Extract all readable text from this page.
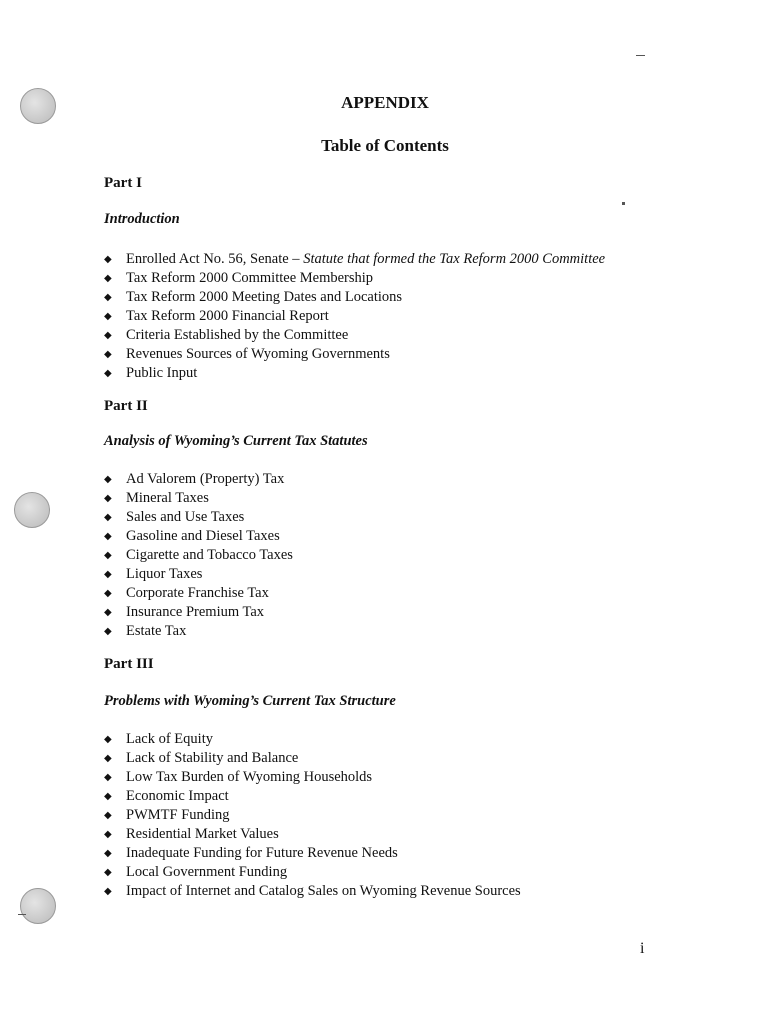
APPENDIX
Table of Contents

Part I

Introduction

◆ Enrolled Act No. 56, Senate – Statute that formed the Tax Reform 2000 Committee
◆ Tax Reform 2000 Committee Membership
◆ Tax Reform 2000 Meeting Dates and Locations
◆ Tax Reform 2000 Financial Report
◆ Criteria Established by the Committee
◆ Revenues Sources of Wyoming Governments
◆ Public Input

Part II

Analysis of Wyoming’s Current Tax Statutes

◆ Ad Valorem (Property) Tax
◆ Mineral Taxes
◆ Sales and Use Taxes
◆ Gasoline and Diesel Taxes
◆ Cigarette and Tobacco Taxes
◆ Liquor Taxes
◆ Corporate Franchise Tax
◆ Insurance Premium Tax
◆ Estate Tax

Part III

Problems with Wyoming’s Current Tax Structure

◆ Lack of Equity
◆ Lack of Stability and Balance
◆ Low Tax Burden of Wyoming Households
◆ Economic Impact
◆ PWMTF Funding
◆ Residential Market Values
◆ Inadequate Funding for Future Revenue Needs
◆ Local Government Funding
◆ Impact of Internet and Catalog Sales on Wyoming Revenue Sources

i
